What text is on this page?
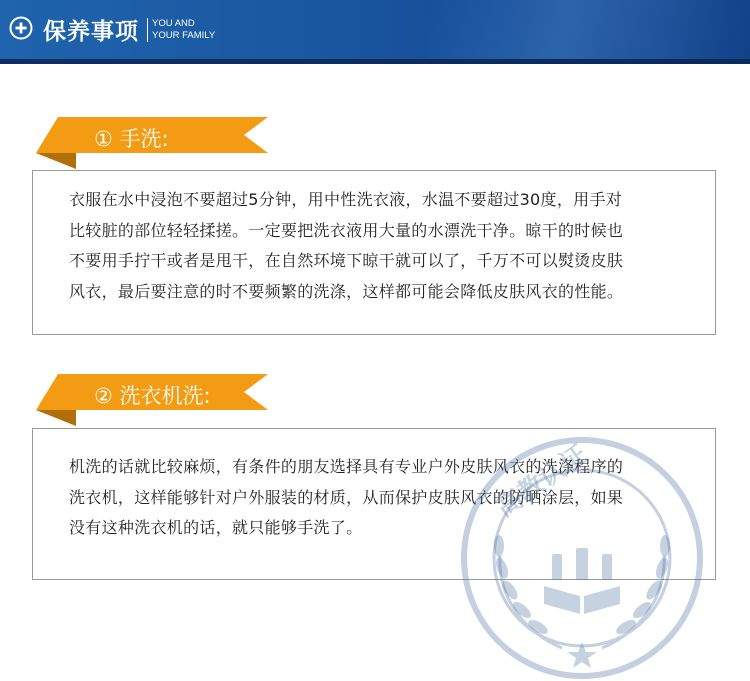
保养事项 YOU AND
YOUR FAMILY
① 手洗:
衣服在水中浸泡不要超过5分钟，用中性洗衣液，水温不要超过30度，用手对
比较脏的部位轻轻揉搓。一定要把洗衣液用大量的水漂洗干净。晾干的时候也
不要用手拧干或者是甩干，在自然环境下晾干就可以了，千万不可以熨烫皮肤
风衣，最后要注意的时不要频繁的洗涤，这样都可能会降低皮肤风衣的性能。
② 洗衣机洗:
机洗的话就比较麻烦，有条件的朋友选择具有专业户外皮肤风衣的洗涤程序的
洗衣机，这样能够针对户外服装的材质，从而保护皮肤风衣的防晒涂层，如果
没有这种洗衣机的话，就只能够手洗了。
高教认证
